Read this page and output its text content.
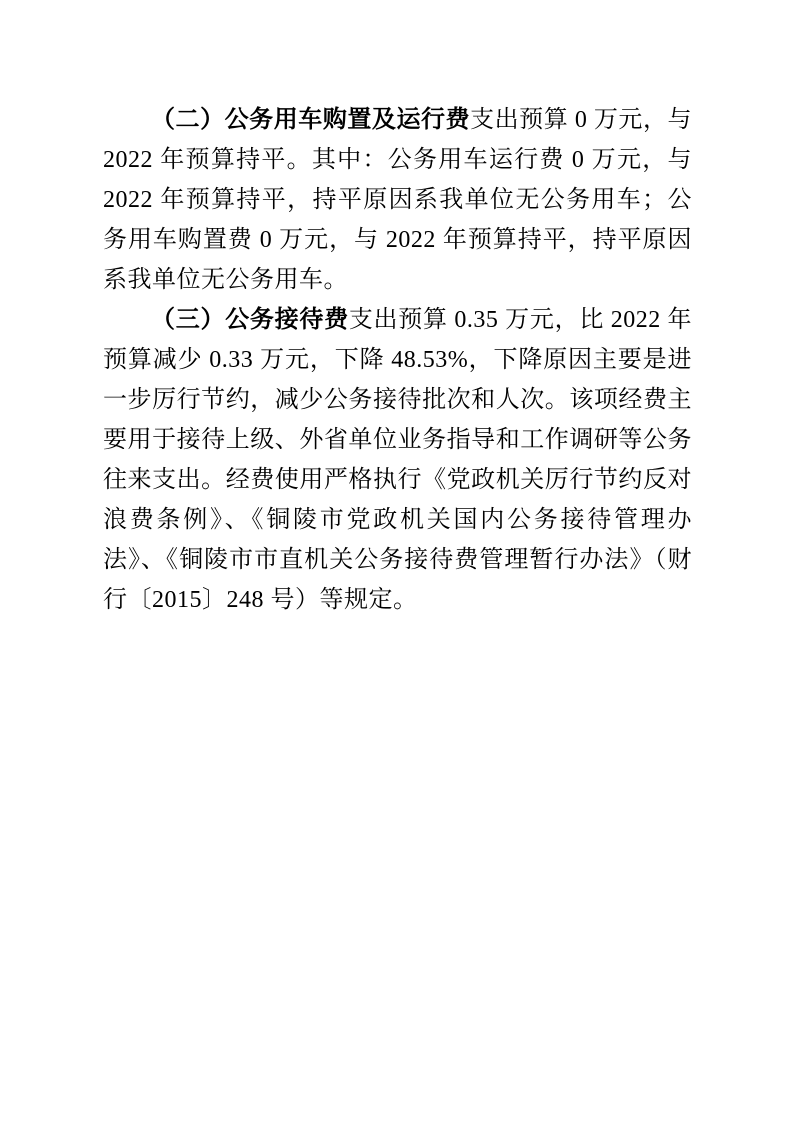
（二）公务用车购置及运行费支出预算 0 万元，与 2022 年预算持平。其中：公务用车运行费 0 万元，与 2022 年预算持平，持平原因系我单位无公务用车；公务用车购置费 0 万元，与 2022 年预算持平，持平原因系我单位无公务用车。

（三）公务接待费支出预算 0.35 万元，比 2022 年预算减少 0.33 万元，下降 48.53%，下降原因主要是进一步厉行节约，减少公务接待批次和人次。该项经费主要用于接待上级、外省单位业务指导和工作调研等公务往来支出。经费使用严格执行《党政机关厉行节约反对浪费条例》、《铜陵市党政机关国内公务接待管理办法》、《铜陵市市直机关公务接待费管理暂行办法》（财行〔2015〕248 号）等规定。
